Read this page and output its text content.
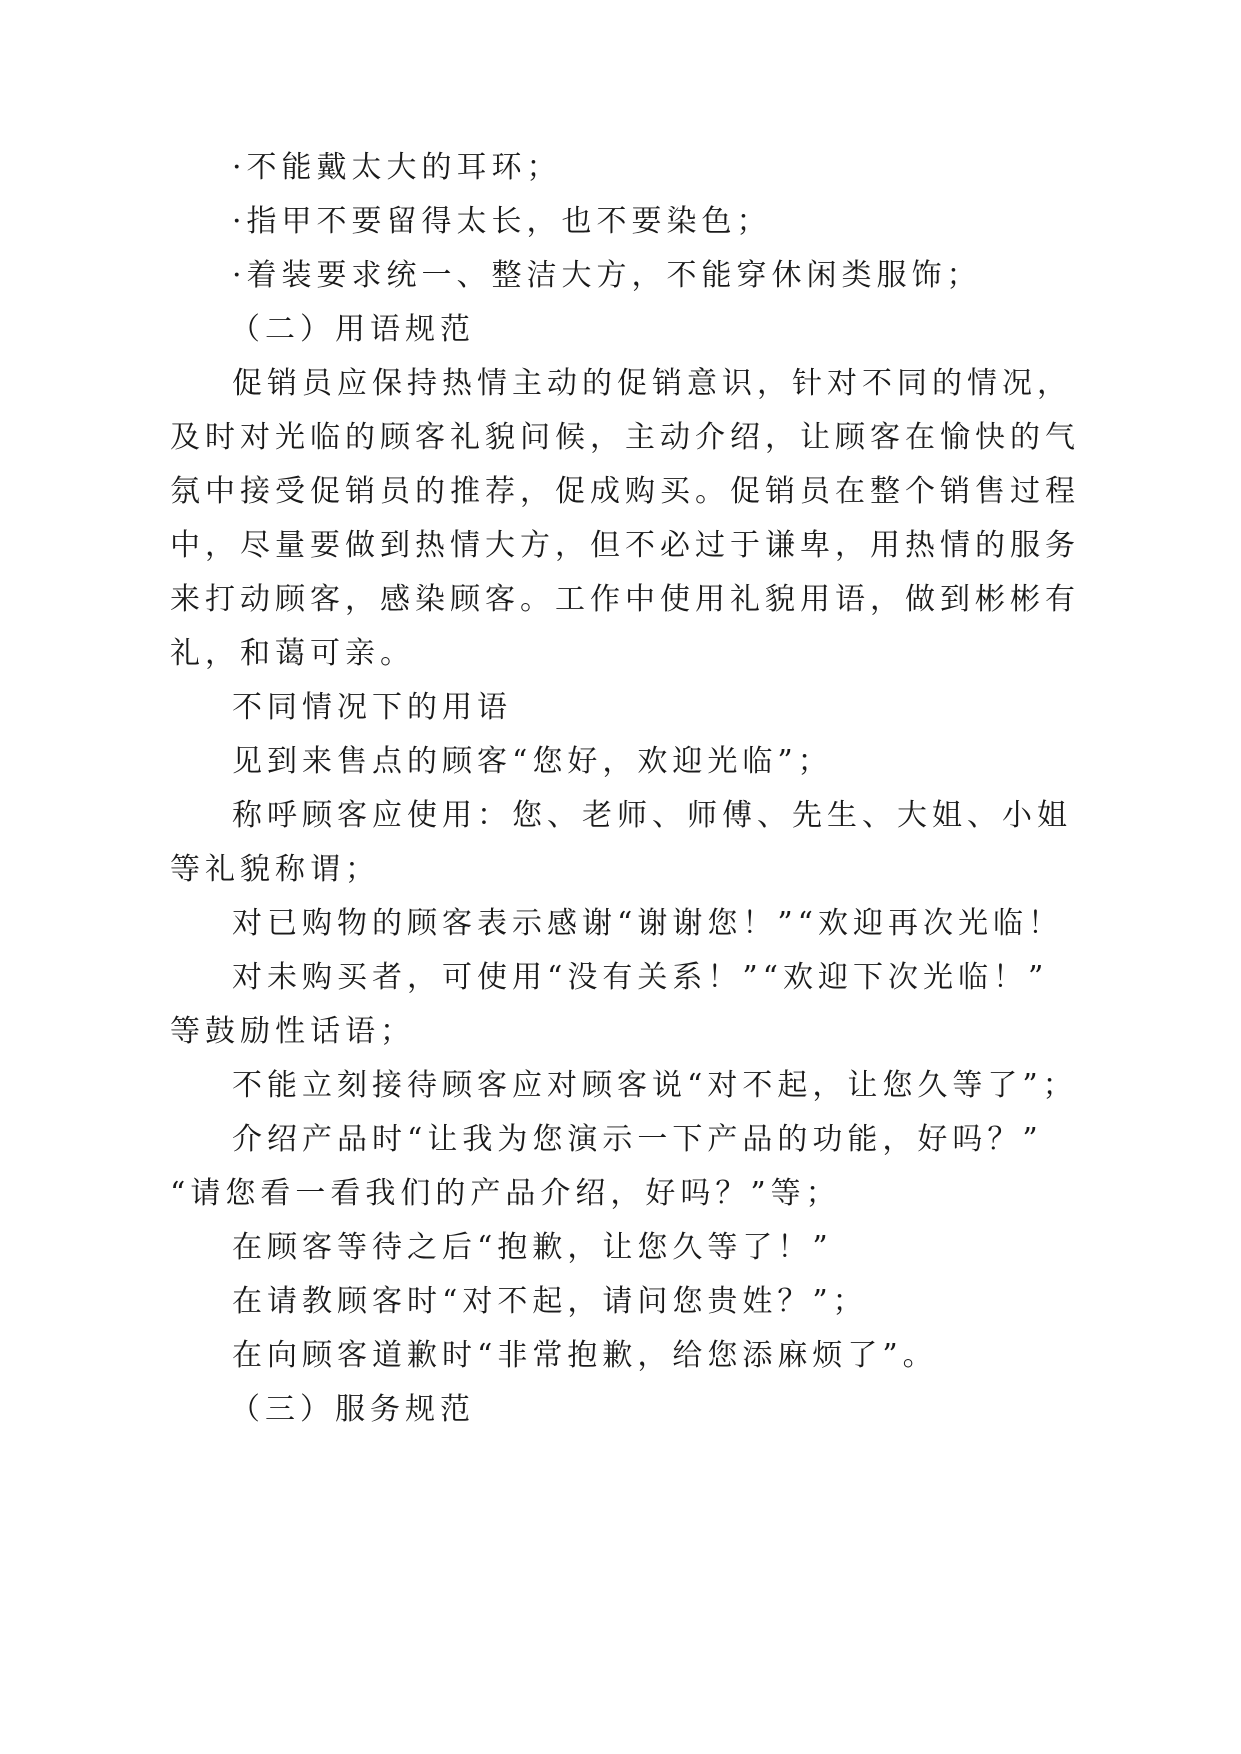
·不能戴太大的耳环；
·指甲不要留得太长，也不要染色；
·着装要求统一、整洁大方，不能穿休闲类服饰；
（二）用语规范
促销员应保持热情主动的促销意识，针对不同的情况，
及时对光临的顾客礼貌问候，主动介绍，让顾客在愉快的气
氛中接受促销员的推荐，促成购买。促销员在整个销售过程
中，尽量要做到热情大方，但不必过于谦卑，用热情的服务
来打动顾客，感染顾客。工作中使用礼貌用语，做到彬彬有
礼，和蔼可亲。
不同情况下的用语
见到来售点的顾客“您好，欢迎光临”；
称呼顾客应使用：您、老师、师傅、先生、大姐、小姐
等礼貌称谓；
对已购物的顾客表示感谢“谢谢您！”“欢迎再次光临！
对未购买者，可使用“没有关系！”“欢迎下次光临！”
等鼓励性话语；
不能立刻接待顾客应对顾客说“对不起，让您久等了”；
介绍产品时“让我为您演示一下产品的功能，好吗？”
“请您看一看我们的产品介绍，好吗？”等；
在顾客等待之后“抱歉，让您久等了！”
在请教顾客时“对不起，请问您贵姓？”；
在向顾客道歉时“非常抱歉，给您添麻烦了”。
（三）服务规范
